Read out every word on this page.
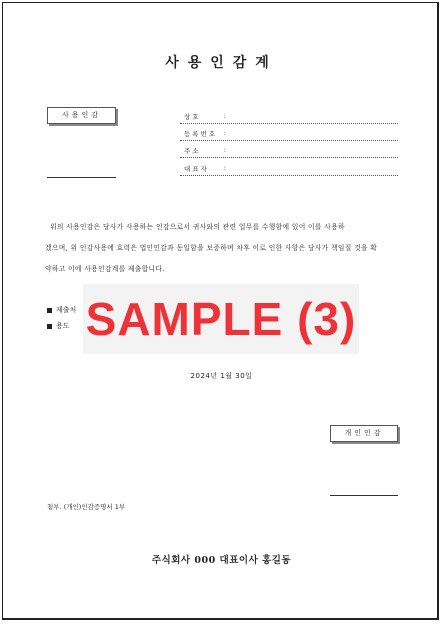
사용인감계
사용인감	상호 :
등록번호 :
주소 :
대표자 :
위의 사용인감은 당사가 사용하는 인감으로서 귀사와의 관련 업무를 수행함에 있어 이를 사용하
겠으며, 위 인감사용에 효력은 법인인감과 동일함을 보증하며 차후 이로 인한 사항은 당사가 책임질 것을 확
약하고 이에 사용인감계를 제출합니다.
제출처
용도 SAMPLE (3)
2024년 1월 30일
개인인감
첨부. (개인)인감증명서 1부
주식회사 000 대표이사 홍길동
